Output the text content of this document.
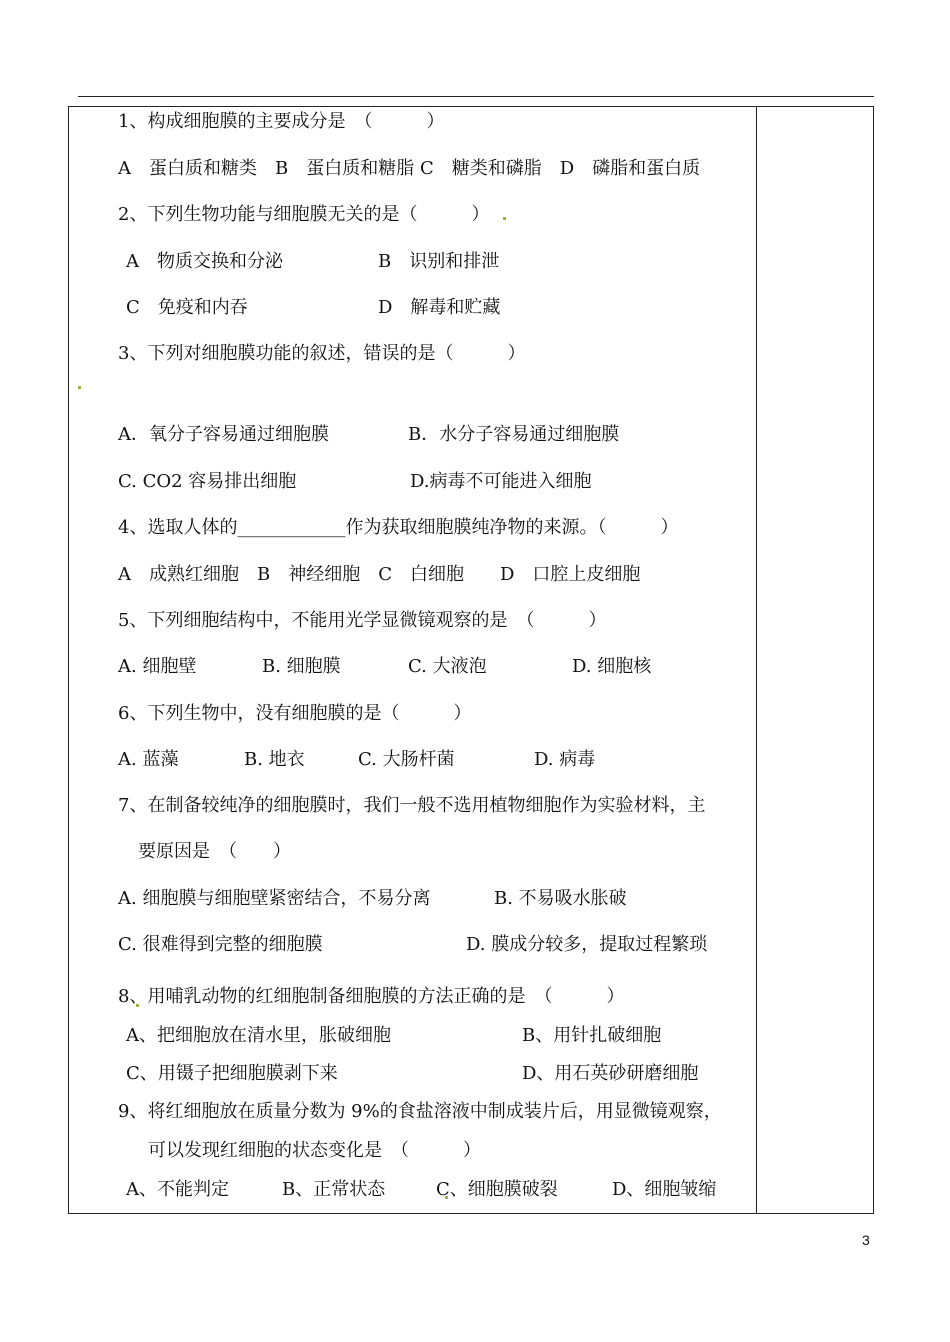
1、构成细胞膜的主要成分是　（　　　）
A　蛋白质和糖类　B　蛋白质和糖脂 C　糖类和磷脂　D　磷脂和蛋白质
2、下列生物功能与细胞膜无关的是（　　　）
A　物质交换和分泌	B　识别和排泄
C　免疫和内吞	D　解毒和贮藏
3、下列对细胞膜功能的叙述，错误的是（　　　）
A．氧分子容易通过细胞膜	B．水分子容易通过细胞膜
C. CO2 容易排出细胞	D.病毒不可能进入细胞
4、选取人体的____________作为获取细胞膜纯净物的来源。（　　　）
A　成熟红细胞　B　神经细胞　C　白细胞　　D　口腔上皮细胞
5、下列细胞结构中，不能用光学显微镜观察的是　（　　　）
A. 细胞壁	B. 细胞膜	C. 大液泡	D. 细胞核
6、下列生物中，没有细胞膜的是（　　　）
A. 蓝藻	B. 地衣	C. 大肠杆菌	D. 病毒
7、在制备较纯净的细胞膜时，我们一般不选用植物细胞作为实验材料，主
要原因是　（　　）
A. 细胞膜与细胞壁紧密结合，不易分离	B. 不易吸水胀破
C. 很难得到完整的细胞膜	D. 膜成分较多，提取过程繁琐
8、用哺乳动物的红细胞制备细胞膜的方法正确的是　（　　　）
A、把细胞放在清水里，胀破细胞	B、用针扎破细胞
C、用镊子把细胞膜剥下来	D、用石英砂研磨细胞
9、将红细胞放在质量分数为 9%的食盐溶液中制成装片后，用显微镜观察，
可以发现红细胞的状态变化是　（　　　）
A、不能判定	B、正常状态	C、细胞膜破裂	D、细胞皱缩
3
